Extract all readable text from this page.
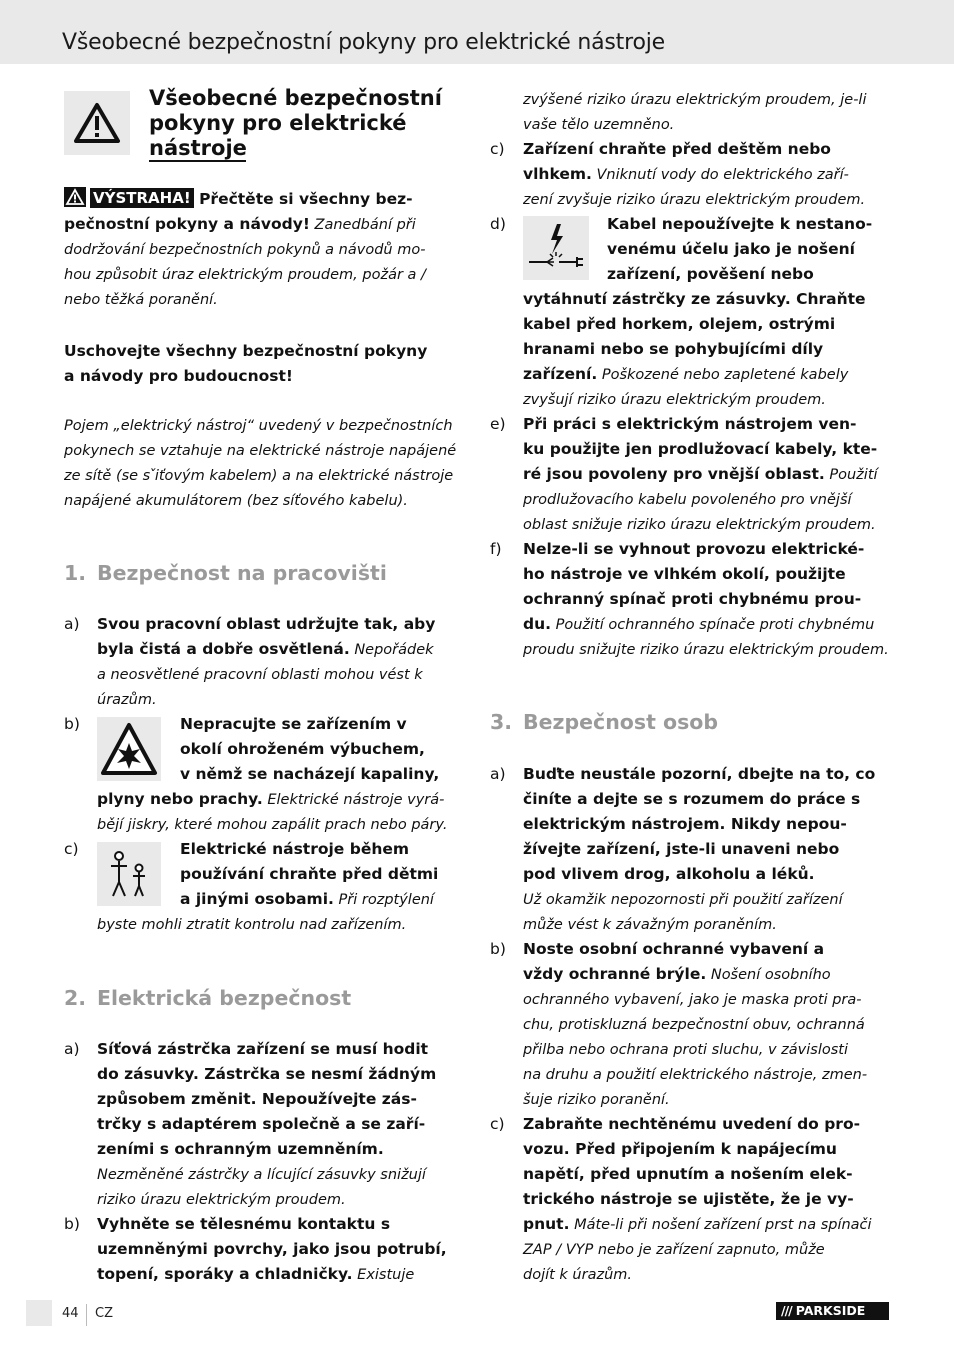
Všeobecné bezpečnostní pokyny pro elektrické nástroje
Všeobecné bezpečnostní
pokyny pro elektrické
nástroje
Uschovejte všechny bezpečnostní pokyny
a návody pro budoucnost!
Pojem „elektrický nástroj“ uvedený v bezpečnostních
pokynech se vztahuje na elektrické nástroje napájené
ze sítě (se s ̌iťovým kabelem) a na elektrické nástroje
napájené akumulátorem (bez síťového kabelu).
1. Bezpečnost na pracovišti
2. Elektrická bezpečnost
3. Bezpečnost osob
a) Svou pracovní oblast udržujte tak, aby
byla čistá a dobře osvětlená. Nepořádek
a neosvětlené pracovní oblasti mohou vést k
úrazům.
b)	Nepracujte se zařízením v
okolí ohroženém výbuchem,
v němž se nacházejí kapaliny,
plyny nebo prachy. Elektrické nástroje vyrá-
bějí jiskry, které mohou zapálit prach nebo páry.
c)	Elektrické nástroje během
používání chraňte před dětmi
a jinými osobami. Při rozptýlení
byste mohli ztratit kontrolu nad zařízením.
a) Síťová zástrčka zařízení se musí hodit
do zásuvky. Zástrčka se nesmí žádným
způsobem změnit. Nepoužívejte zás-
trčky s adaptérem společně a se zaří-
zeními s ochranným uzemněním.
Nezměněné zástrčky a lícující zásuvky snižují
riziko úrazu elektrickým proudem.
b) Vyhněte se tělesnému kontaktu s
uzemněnými povrchy, jako jsou potrubí,
topení, sporáky a chladničky. Existuje
zvýšené riziko úrazu elektrickým proudem, je-li
vaše tělo uzemněno.
c) Zařízení chraňte před deštěm nebo
vlhkem. Vniknutí vody do elektrického zaří-
zení zvyšuje riziko úrazu elektrickým proudem.
d)	Kabel nepoužívejte k nestano-
venému účelu jako je nošení
zařízení, pověšení nebo
vytáhnutí zástrčky ze zásuvky. Chraňte
kabel před horkem, olejem, ostrými
hranami nebo se pohybujícími díly
zařízení. Poškozené nebo zapletené kabely
zvyšují riziko úrazu elektrickým proudem.
e) Při práci s elektrickým nástrojem ven-
ku použijte jen prodlužovací kabely, kte-
ré jsou povoleny pro vnější oblast. Použití
prodlužovacího kabelu povoleného pro vnější
oblast snižuje riziko úrazu elektrickým proudem.
f) Nelze-li se vyhnout provozu elektrické-
ho nástroje ve vlhkém okolí, použijte
ochranný spínač proti chybnému prou-
du. Použití ochranného spínače proti chybnému
proudu snižujte riziko úrazu elektrickým proudem.
a) Buďte neustále pozorní, dbejte na to, co
činíte a dejte se s rozumem do práce s
elektrickým nástrojem. Nikdy nepou-
žívejte zařízení, jste-li unaveni nebo
pod vlivem drog, alkoholu a léků.
Už okamžik nepozornosti při použití zařízení
může vést k závažným poraněním.
b) Noste osobní ochranné vybavení a
vždy ochranné brýle. Nošení osobního
ochranného vybavení, jako je maska proti pra-
chu, protiskluzná bezpečnostní obuv, ochranná
přilba nebo ochrana proti sluchu, v závislosti
na druhu a použití elektrického nástroje, zmen-
šuje riziko poranění.
c) Zabraňte nechtěnému uvedení do pro-
vozu. Před připojením k napájecímu
napětí, před upnutím a nošením elek-
trického nástroje se ujistěte, že je vy-
pnut. Máte-li při nošení zařízení prst na spínači
ZAP / VYP nebo je zařízení zapnuto, může
dojít k úrazům.
44 CZ	/// PARKSIDE
VÝSTRAHA! Přečtěte si všechny bez-
pečnostní pokyny a návody! Zanedbání při
dodržování bezpečnostních pokynů a návodů mo-
hou způsobit úraz elektrickým proudem, požár a /
nebo těžká poranění.
